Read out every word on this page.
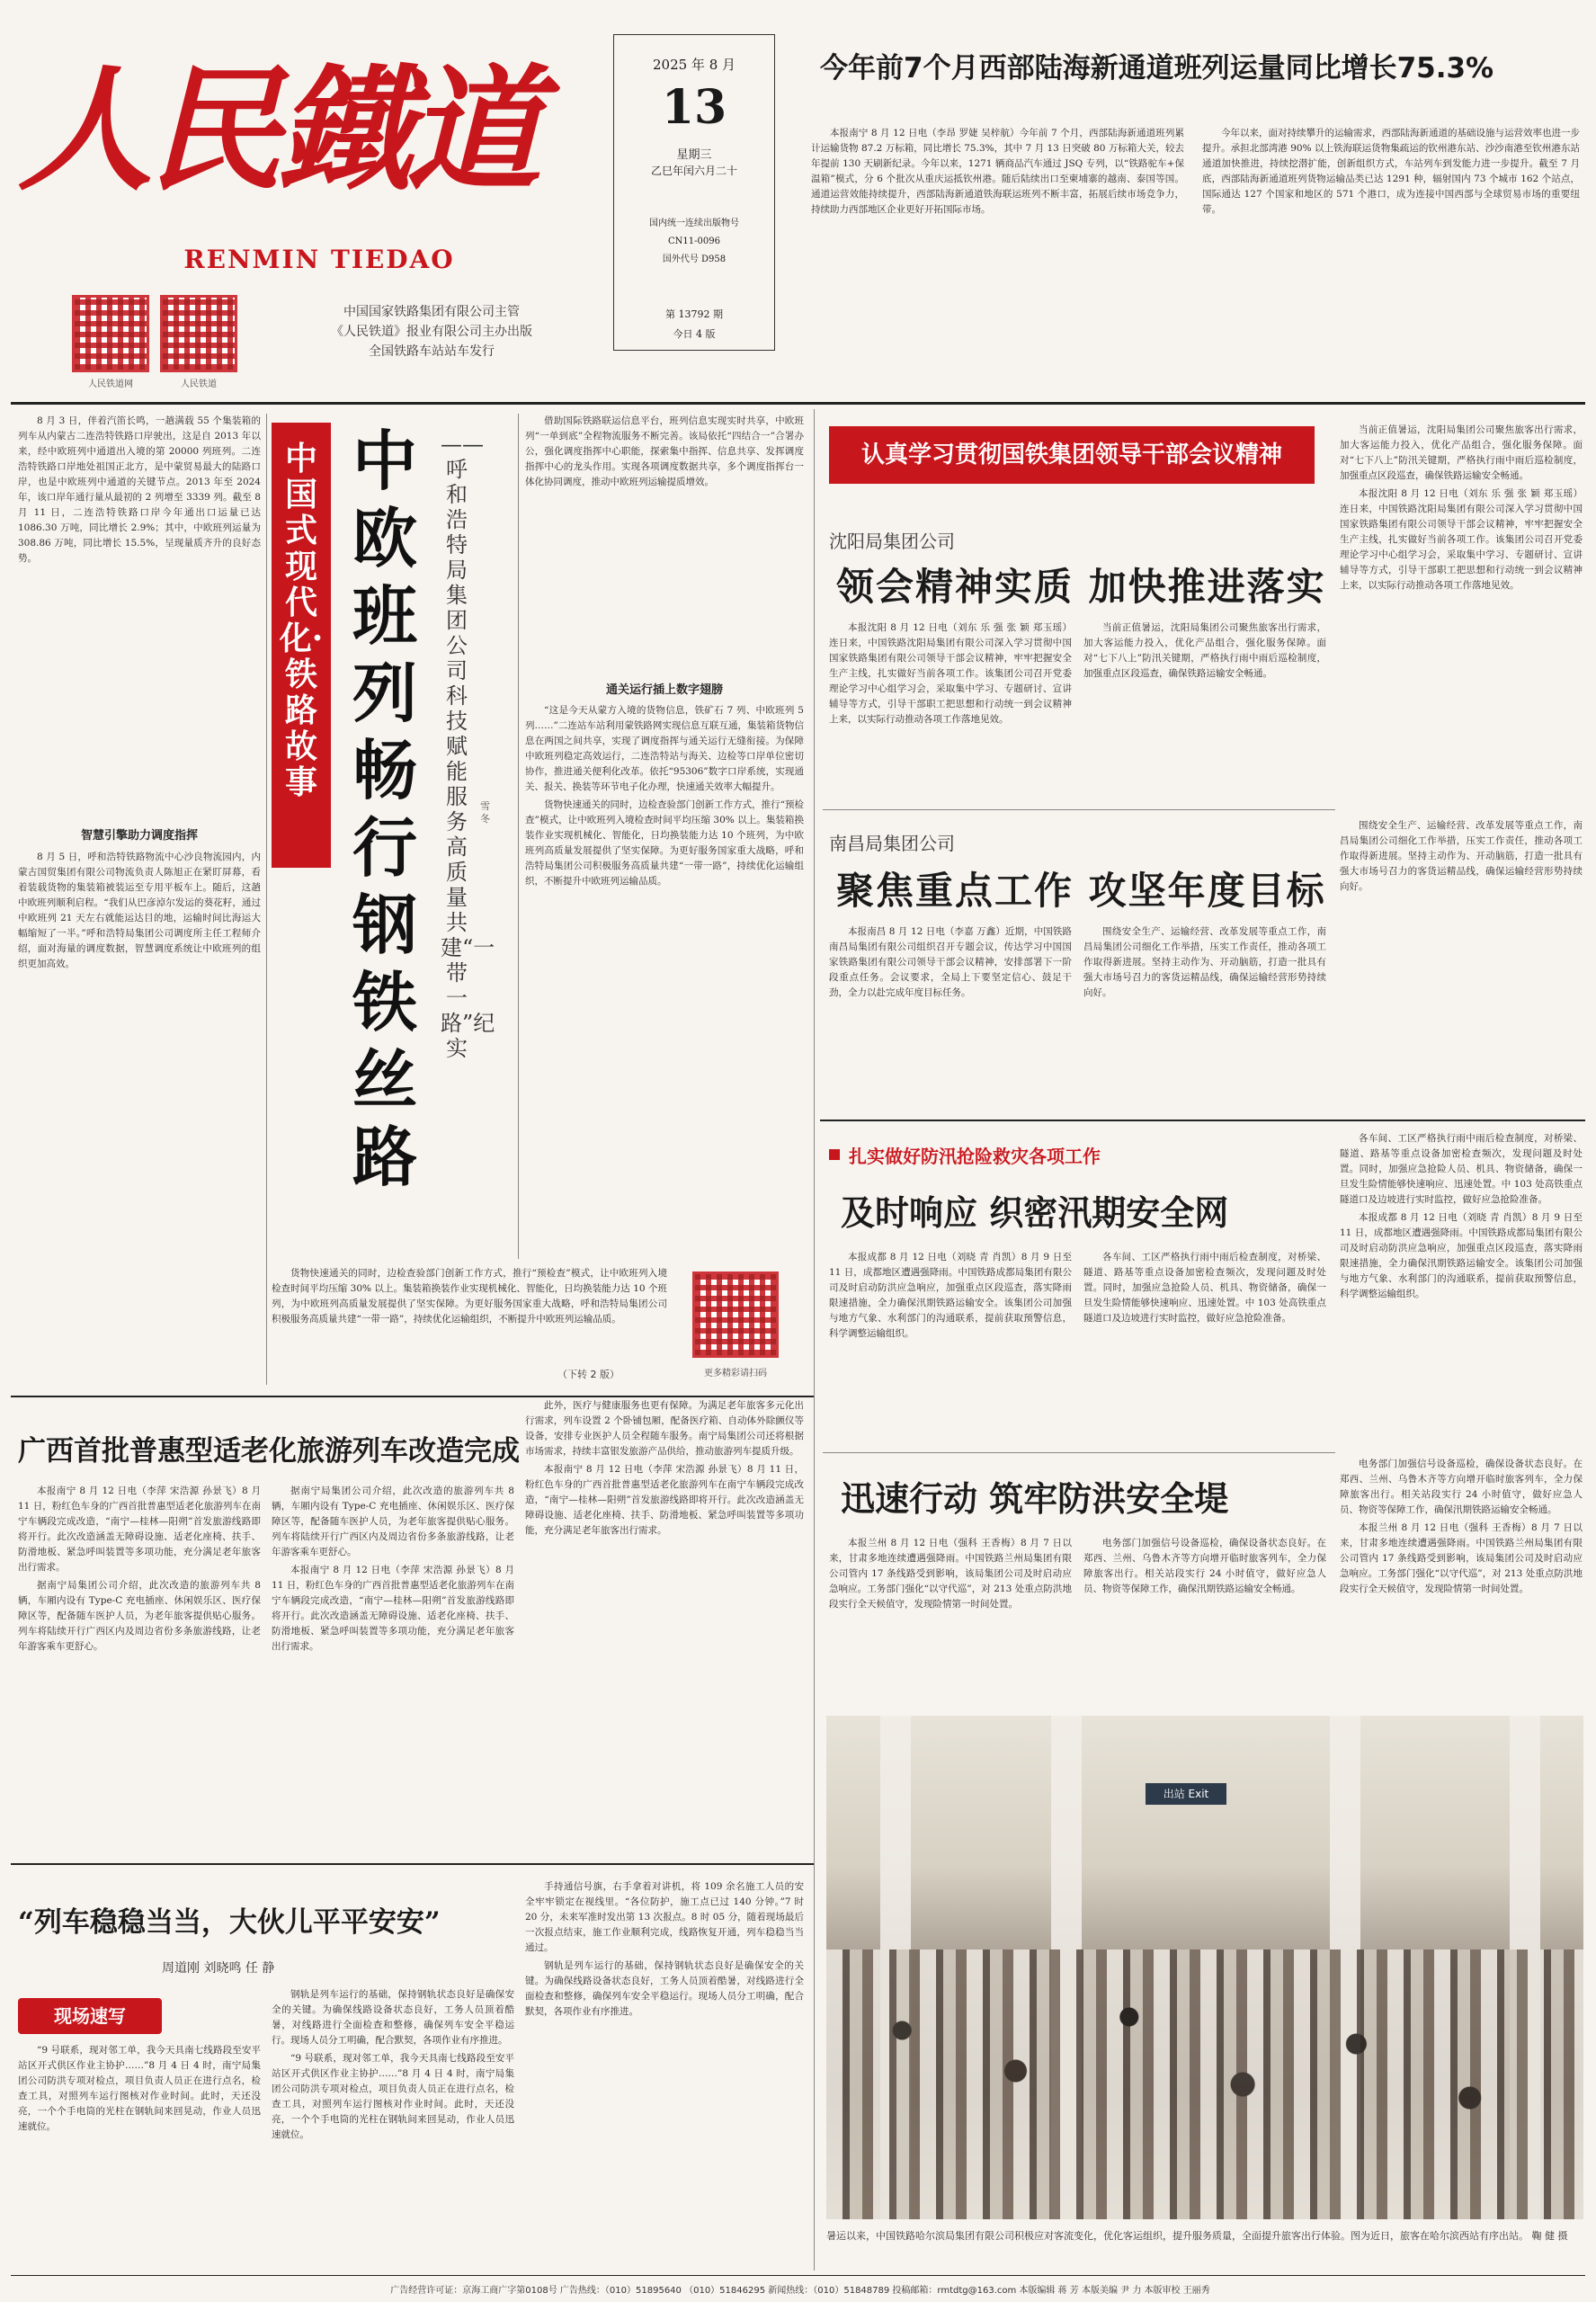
人民鐵道
RENMIN TIEDAO
人民铁道网	人民铁道
中国国家铁路集团有限公司主管
《人民铁道》报业有限公司主办出版
全国铁路车站站车发行
2025 年 8 月
13
星期三
乙巳年闰六月二十
国内统一连续出版物号
CN11-0096
国外代号 D958
第 13792 期
今日 4 版
今年前7个月西部陆海新通道班列运量同比增长75.3%

本报南宁 8 月 12 日电（李昂 罗婕 吴梓航）今年前 7 个月，西部陆海新通道班列累计运输货物 87.2 万标箱，同比增长 75.3%，其中 7 月 13 日突破 80 万标箱大关，较去年提前 130 天刷新纪录。今年以来，1271 辆商品汽车通过 JSQ 专列，以“铁路驼车+保温箱”模式，分 6 个批次从重庆运抵钦州港。随后陆续出口至柬埔寨的越南、泰国等国。通道运营效能持续提升，西部陆海新通道铁海联运班列不断丰富，拓展后续市场竞争力，持续助力西部地区企业更好开拓国际市场。

今年以来，面对持续攀升的运输需求，西部陆海新通道的基础设施与运营效率也进一步提升。承担北部湾港 90% 以上铁海联运货物集疏运的钦州港东站、沙沙南港至钦州港东站通道加快推进，持续挖潜扩能，创新组织方式，车站列车到发能力进一步提升。截至 7 月底，西部陆海新通道班列货物运输品类已达 1291 种，辐射国内 73 个城市 162 个站点，国际通达 127 个国家和地区的 571 个港口，成为连接中国西部与全球贸易市场的重要纽带。

8 月 3 日，伴着汽笛长鸣，一趟满载 55 个集装箱的列车从内蒙古二连浩特铁路口岸驶出，这是自 2013 年以来，经中欧班列中通道出入境的第 20000 列班列。二连浩特铁路口岸地处祖国正北方，是中蒙贸易最大的陆路口岸，也是中欧班列中通道的关键节点。2013 年至 2024 年，该口岸年通行量从最初的 2 列增至 3339 列。截至 8 月 11 日，二连浩特铁路口岸今年通出口运量已达 1086.30 万吨，同比增长 2.9%；其中，中欧班列运量为 308.86 万吨，同比增长 15.5%，呈现量质齐升的良好态势。

智慧引擎助力调度指挥

8 月 5 日，呼和浩特铁路物流中心沙良物流园内，内蒙古国贸集团有限公司物流负责人陈旭正在紧盯屏幕，看着装载货物的集装箱被装运至专用平板车上。随后，这趟中欧班列顺利启程。“我们从巴彦淖尔发运的葵花籽，通过中欧班列 21 天左右就能运达目的地，运输时间比海运大幅缩短了一半。”呼和浩特局集团公司调度所主任工程师介绍，面对海量的调度数据，智慧调度系统让中欧班列的组织更加高效。

中国式现代化·铁路故事
中欧班列畅行钢铁丝路
——呼和浩特局集团公司科技赋能服务高质量共建“一带一路”纪实
雪 冬

借助国际铁路联运信息平台，班列信息实现实时共享，中欧班列“一单到底”全程物流服务不断完善。该局依托“四结合一”合署办公，强化调度指挥中心职能，探索集中指挥、信息共享、发挥调度指挥中心的龙头作用。实现各项调度数据共享，多个调度指挥台一体化协同调度，推动中欧班列运输提质增效。

通关运行插上数字翅膀

“这是今天从蒙方入境的货物信息，铁矿石 7 列、中欧班列 5 列……”二连站车站利用蒙铁路网实现信息互联互通，集装箱货物信息在两国之间共享，实现了调度指挥与通关运行无缝衔接。为保障中欧班列稳定高效运行，二连浩特站与海关、边检等口岸单位密切协作，推进通关便利化改革。依托“95306”数字口岸系统，实现通关、报关、换装等环节电子化办理，快速通关效率大幅提升。

货物快速通关的同时，边检查验部门创新工作方式，推行“预检查”模式，让中欧班列入境检查时间平均压缩 30% 以上。集装箱换装作业实现机械化、智能化，日均换装能力达 10 个班列，为中欧班列高质量发展提供了坚实保障。为更好服务国家重大战略，呼和浩特局集团公司积极服务高质量共建“一带一路”，持续优化运输组织，不断提升中欧班列运输品质。

货物快速通关的同时，边检查验部门创新工作方式，推行“预检查”模式，让中欧班列入境检查时间平均压缩 30% 以上。集装箱换装作业实现机械化、智能化，日均换装能力达 10 个班列，为中欧班列高质量发展提供了坚实保障。为更好服务国家重大战略，呼和浩特局集团公司积极服务高质量共建“一带一路”，持续优化运输组织，不断提升中欧班列运输品质。

（下转 2 版）	更多精彩请扫码
认真学习贯彻国铁集团领导干部会议精神
沈阳局集团公司
领会精神实质 加快推进落实

本报沈阳 8 月 12 日电（刘东 乐 强 张 颖 郑玉瑶）连日来，中国铁路沈阳局集团有限公司深入学习贯彻中国国家铁路集团有限公司领导干部会议精神，牢牢把握安全生产主线，扎实做好当前各项工作。该集团公司召开党委理论学习中心组学习会，采取集中学习、专题研讨、宣讲辅导等方式，引导干部职工把思想和行动统一到会议精神上来，以实际行动推动各项工作落地见效。

当前正值暑运，沈阳局集团公司聚焦旅客出行需求，加大客运能力投入，优化产品组合，强化服务保障。面对“七下八上”防汛关键期，严格执行雨中雨后巡检制度，加强重点区段巡查，确保铁路运输安全畅通。

当前正值暑运，沈阳局集团公司聚焦旅客出行需求，加大客运能力投入，优化产品组合，强化服务保障。面对“七下八上”防汛关键期，严格执行雨中雨后巡检制度，加强重点区段巡查，确保铁路运输安全畅通。

本报沈阳 8 月 12 日电（刘东 乐 强 张 颖 郑玉瑶）连日来，中国铁路沈阳局集团有限公司深入学习贯彻中国国家铁路集团有限公司领导干部会议精神，牢牢把握安全生产主线，扎实做好当前各项工作。该集团公司召开党委理论学习中心组学习会，采取集中学习、专题研讨、宣讲辅导等方式，引导干部职工把思想和行动统一到会议精神上来，以实际行动推动各项工作落地见效。

南昌局集团公司
聚焦重点工作 攻坚年度目标

本报南昌 8 月 12 日电（李嘉 万鑫）近期，中国铁路南昌局集团有限公司组织召开专题会议，传达学习中国国家铁路集团有限公司领导干部会议精神，安排部署下一阶段重点任务。会议要求，全局上下要坚定信心、鼓足干劲，全力以赴完成年度目标任务。

围绕安全生产、运输经营、改革发展等重点工作，南昌局集团公司细化工作举措，压实工作责任，推动各项工作取得新进展。坚持主动作为、开动脑筋，打造一批具有强大市场号召力的客货运精品线，确保运输经营形势持续向好。

围绕安全生产、运输经营、改革发展等重点工作，南昌局集团公司细化工作举措，压实工作责任，推动各项工作取得新进展。坚持主动作为、开动脑筋，打造一批具有强大市场号召力的客货运精品线，确保运输经营形势持续向好。

扎实做好防汛抢险救灾各项工作
及时响应 织密汛期安全网

本报成都 8 月 12 日电（刘晓 青 肖凯）8 月 9 日至 11 日，成都地区遭遇强降雨。中国铁路成都局集团有限公司及时启动防洪应急响应，加强重点区段巡查，落实降雨限速措施，全力确保汛期铁路运输安全。该集团公司加强与地方气象、水利部门的沟通联系，提前获取预警信息，科学调整运输组织。

各车间、工区严格执行雨中雨后检查制度，对桥梁、隧道、路基等重点设备加密检查频次，发现问题及时处置。同时，加强应急抢险人员、机具、物资储备，确保一旦发生险情能够快速响应、迅速处置。中 103 处高铁重点隧道口及边坡进行实时监控，做好应急抢险准备。

各车间、工区严格执行雨中雨后检查制度，对桥梁、隧道、路基等重点设备加密检查频次，发现问题及时处置。同时，加强应急抢险人员、机具、物资储备，确保一旦发生险情能够快速响应、迅速处置。中 103 处高铁重点隧道口及边坡进行实时监控，做好应急抢险准备。

本报成都 8 月 12 日电（刘晓 青 肖凯）8 月 9 日至 11 日，成都地区遭遇强降雨。中国铁路成都局集团有限公司及时启动防洪应急响应，加强重点区段巡查，落实降雨限速措施，全力确保汛期铁路运输安全。该集团公司加强与地方气象、水利部门的沟通联系，提前获取预警信息，科学调整运输组织。

迅速行动 筑牢防洪安全堤

本报兰州 8 月 12 日电（强科 王香梅）8 月 7 日以来，甘肃多地连续遭遇强降雨。中国铁路兰州局集团有限公司管内 17 条线路受到影响，该局集团公司及时启动应急响应。工务部门强化“以守代巡”，对 213 处重点防洪地段实行全天候值守，发现险情第一时间处置。

电务部门加强信号设备巡检，确保设备状态良好。在郑西、兰州、乌鲁木齐等方向增开临时旅客列车，全力保障旅客出行。相关站段实行 24 小时值守，做好应急人员、物资等保障工作，确保汛期铁路运输安全畅通。

电务部门加强信号设备巡检，确保设备状态良好。在郑西、兰州、乌鲁木齐等方向增开临时旅客列车，全力保障旅客出行。相关站段实行 24 小时值守，做好应急人员、物资等保障工作，确保汛期铁路运输安全畅通。

本报兰州 8 月 12 日电（强科 王香梅）8 月 7 日以来，甘肃多地连续遭遇强降雨。中国铁路兰州局集团有限公司管内 17 条线路受到影响，该局集团公司及时启动应急响应。工务部门强化“以守代巡”，对 213 处重点防洪地段实行全天候值守，发现险情第一时间处置。

出站 Exit
暑运以来，中国铁路哈尔滨局集团有限公司积极应对客流变化，优化客运组织，提升服务质量，全面提升旅客出行体验。图为近日，旅客在哈尔滨西站有序出站。 鞠 健 摄
广西首批普惠型适老化旅游列车改造完成

本报南宁 8 月 12 日电（李萍 宋浩源 孙景飞）8 月 11 日，粉红色车身的广西首批普惠型适老化旅游列车在南宁车辆段完成改造，“南宁—桂林—阳朔”首发旅游线路即将开行。此次改造涵盖无障碍设施、适老化座椅、扶手、防滑地板、紧急呼叫装置等多项功能，充分满足老年旅客出行需求。

据南宁局集团公司介绍，此次改造的旅游列车共 8 辆，车厢内设有 Type-C 充电插座、休闲娱乐区、医疗保障区等，配备随车医护人员，为老年旅客提供贴心服务。列车将陆续开行广西区内及周边省份多条旅游线路，让老年游客乘车更舒心。

据南宁局集团公司介绍，此次改造的旅游列车共 8 辆，车厢内设有 Type-C 充电插座、休闲娱乐区、医疗保障区等，配备随车医护人员，为老年旅客提供贴心服务。列车将陆续开行广西区内及周边省份多条旅游线路，让老年游客乘车更舒心。

本报南宁 8 月 12 日电（李萍 宋浩源 孙景飞）8 月 11 日，粉红色车身的广西首批普惠型适老化旅游列车在南宁车辆段完成改造，“南宁—桂林—阳朔”首发旅游线路即将开行。此次改造涵盖无障碍设施、适老化座椅、扶手、防滑地板、紧急呼叫装置等多项功能，充分满足老年旅客出行需求。

此外，医疗与健康服务也更有保障。为满足老年旅客多元化出行需求，列车设置 2 个卧铺包厢，配备医疗箱、自动体外除颤仪等设备，安排专业医护人员全程随车服务。南宁局集团公司还将根据市场需求，持续丰富银发旅游产品供给，推动旅游列车提质升级。

本报南宁 8 月 12 日电（李萍 宋浩源 孙景飞）8 月 11 日，粉红色车身的广西首批普惠型适老化旅游列车在南宁车辆段完成改造，“南宁—桂林—阳朔”首发旅游线路即将开行。此次改造涵盖无障碍设施、适老化座椅、扶手、防滑地板、紧急呼叫装置等多项功能，充分满足老年旅客出行需求。

“列车稳稳当当，大伙儿平平安安”
周道刚 刘晓鸣 任 静
现场速写

“9 号联系，现对邻工单，我今天具南七线路段至安平站区开式供区作业主协护……”8 月 4 日 4 时，南宁局集团公司防洪专项对检点，项目负责人员正在进行点名，检查工具，对照列车运行图核对作业时间。此时，天还没亮，一个个手电筒的光柱在钢轨间来回晃动，作业人员迅速就位。

钢轨是列车运行的基础，保持钢轨状态良好是确保安全的关键。为确保线路设备状态良好，工务人员顶着酷暑，对线路进行全面检查和整修，确保列车安全平稳运行。现场人员分工明确，配合默契，各项作业有序推进。

“9 号联系，现对邻工单，我今天具南七线路段至安平站区开式供区作业主协护……”8 月 4 日 4 时，南宁局集团公司防洪专项对检点，项目负责人员正在进行点名，检查工具，对照列车运行图核对作业时间。此时，天还没亮，一个个手电筒的光柱在钢轨间来回晃动，作业人员迅速就位。

手持通信号旗，右手拿着对讲机，将 109 余名施工人员的安全牢牢锁定在视线里。“各位防护，施工点已过 140 分钟。”7 时 20 分，未来军准时发出第 13 次报点。8 时 05 分，随着现场最后一次报点结束，施工作业顺利完成，线路恢复开通，列车稳稳当当通过。

钢轨是列车运行的基础，保持钢轨状态良好是确保安全的关键。为确保线路设备状态良好，工务人员顶着酷暑，对线路进行全面检查和整修，确保列车安全平稳运行。现场人员分工明确，配合默契，各项作业有序推进。

广告经营许可证：京海工商广字第0108号 广告热线：（010）51895640 （010）51846295 新闻热线：（010）51848789 投稿邮箱：rmtdtg@163.com 本版编辑 蒋 芳 本版美编 尹 力 本版审校 王丽秀
